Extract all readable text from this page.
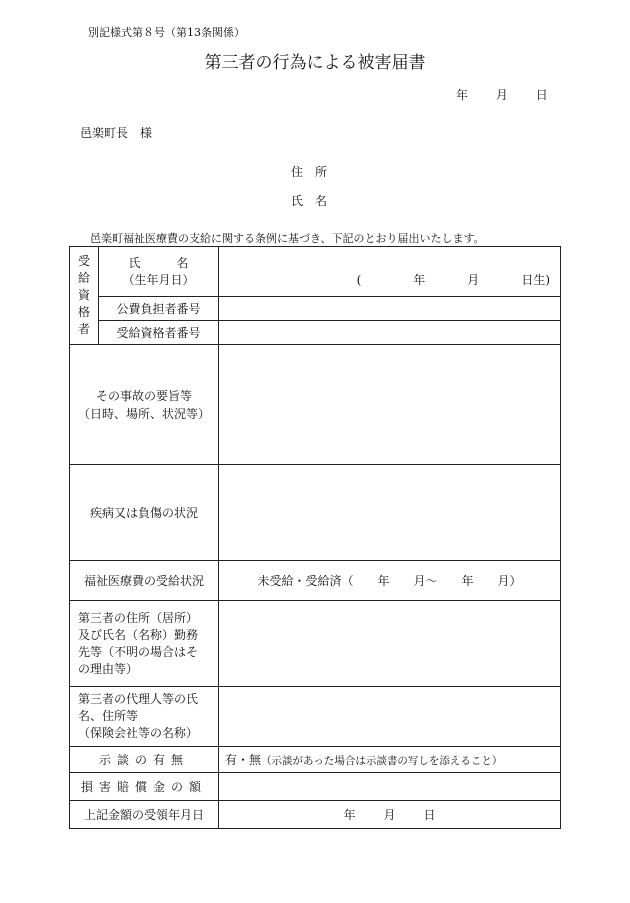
別記様式第８号（第13条関係）
第三者の行為による被害届書
年 月 日
邑楽町長　様
住　所
氏　名
邑楽町福祉医療費の支給に関する条例に基づき、下記のとおり届出いたします。
受給資格者	氏　　　名
（生年月日）	( 年 月 日生)
	公費負担者番号	
	受給資格者番号	

その事故の要旨等
（日時、場所、状況等）		

疾病又は負傷の状況		
福祉医療費の受給状況		未受給・受給済（　　年　　月～　　年　　月）

第三者の住所（居所）
及び氏名（名称）勤務
先等（不明の場合はそ
の理由等）		

第三者の代理人等の氏
名、住所等
（保険会社等の名称）		

示談の有無		有・無（示談があった場合は示談書の写しを添えること）
損害賠償金の額		
上記金額の受領年月日		年 月 日
